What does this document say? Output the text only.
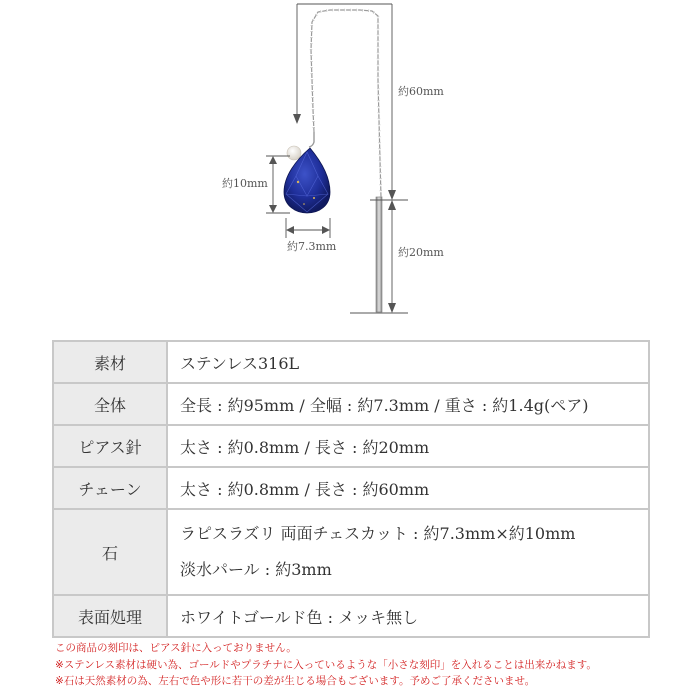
約60mm
約20mm
約10mm
約7.3mm
素材	ステンレス316L
全体	全長 : 約95mm / 全幅 : 約7.3mm / 重さ : 約1.4g(ペア)
ピアス針	太さ : 約0.8mm / 長さ : 約20mm
チェーン	太さ : 約0.8mm / 長さ : 約60mm
石	ラピスラズリ 両面チェスカット : 約7.3mm×約10mm
淡水パール : 約3mm

表面処理	ホワイトゴールド色 : メッキ無し
この商品の刻印は、ピアス針に入っておりません。
※ステンレス素材は硬い為、ゴールドやプラチナに入っているような「小さな刻印」を入れることは出来かねます。
※石は天然素材の為、左右で色や形に若干の差が生じる場合もございます。予めご了承くださいませ。
